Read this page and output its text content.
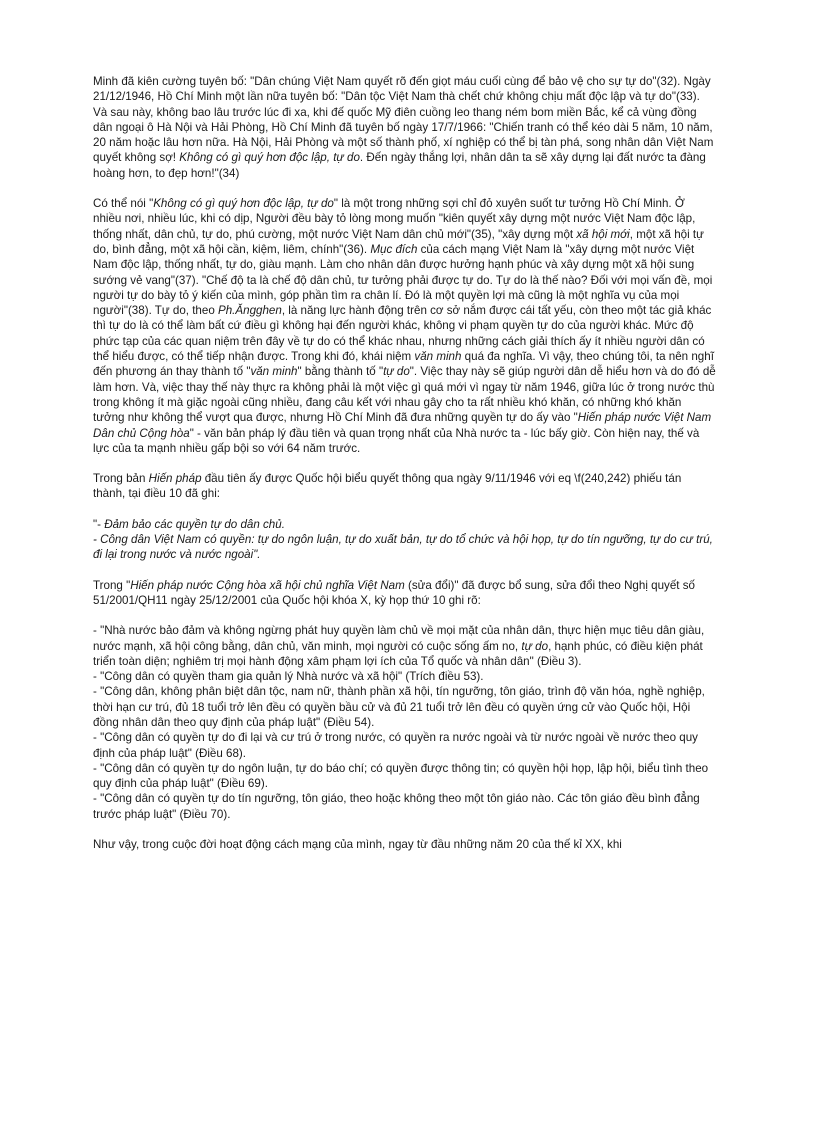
Minh đã kiên cường tuyên bố: "Dân chúng Việt Nam quyết rõ đến giọt máu cuối cùng để bảo vệ cho sự tự do"(32). Ngày 21/12/1946, Hồ Chí Minh một lần nữa tuyên bố: "Dân tộc Việt Nam thà chết chứ không chịu mất độc lập và tự do"(33). Và sau này, không bao lâu trước lúc đi xa, khi đế quốc Mỹ điên cuồng leo thang ném bom miền Bắc, kể cả vùng đồng dân ngoại ô Hà Nội và Hải Phòng, Hồ Chí Minh đã tuyên bố ngày 17/7/1966: "Chiến tranh có thể kéo dài 5 năm, 10 năm, 20 năm hoặc lâu hơn nữa. Hà Nội, Hải Phòng và một số thành phố, xí nghiệp có thể bị tàn phá, song nhân dân Việt Nam quyết không sợ! Không có gì quý hơn độc lập, tự do. Đến ngày thắng lợi, nhân dân ta sẽ xây dựng lại đất nước ta đàng hoàng hơn, to đẹp hơn!"(34)

Có thể nói "Không có gì quý hơn độc lập, tự do" là một trong những sợi chỉ đỏ xuyên suốt tư tưởng Hồ Chí Minh. Ở nhiều nơi, nhiều lúc, khi có dịp, Người đều bày tỏ lòng mong muốn "kiên quyết xây dựng một nước Việt Nam độc lập, thống nhất, dân chủ, tự do, phú cường, một nước Việt Nam dân chủ mới"(35), "xây dựng một xã hội mới, một xã hội tự do, bình đẳng, một xã hội cần, kiệm, liêm, chính"(36). Mục đích của cách mạng Việt Nam là "xây dựng một nước Việt Nam độc lập, thống nhất, tự do, giàu mạnh. Làm cho nhân dân được hưởng hạnh phúc và xây dựng một xã hội sung sướng vẻ vang"(37). "Chế độ ta là chế độ dân chủ, tư tưởng phải được tự do. Tự do là thế nào? Đối với mọi vấn đề, mọi người tự do bày tỏ ý kiến của mình, góp phần tìm ra chân lí. Đó là một quyền lợi mà cũng là một nghĩa vụ của mọi người"(38). Tự do, theo Ph.Ăngghen, là năng lực hành động trên cơ sở nắm được cái tất yếu, còn theo một tác giả khác thì tự do là có thể làm bất cứ điều gì không hại đến người khác, không vi phạm quyền tự do của người khác. Mức độ phức tạp của các quan niệm trên đây về tự do có thể khác nhau, nhưng những cách giải thích ấy ít nhiều người dân có thể hiểu được, có thể tiếp nhận được. Trong khi đó, khái niệm văn minh quá đa nghĩa. Vì vậy, theo chúng tôi, ta nên nghĩ đến phương án thay thành tố "văn minh" bằng thành tố "tự do". Việc thay này sẽ giúp người dân dễ hiểu hơn và do đó dễ làm hơn. Và, việc thay thế này thực ra không phải là một việc gì quá mới vì ngay từ năm 1946, giữa lúc ở trong nước thù trong không ít mà giặc ngoài cũng nhiều, đang câu kết với nhau gây cho ta rất nhiều khó khăn, có những khó khăn tưởng như không thể vượt qua được, nhưng Hồ Chí Minh đã đưa những quyền tự do ấy vào "Hiến pháp nước Việt Nam Dân chủ Cộng hòa" - văn bản pháp lý đầu tiên và quan trọng nhất của Nhà nước ta - lúc bấy giờ. Còn hiện nay, thế và lực của ta mạnh nhiều gấp bội so với 64 năm trước.

Trong bản Hiến pháp đầu tiên ấy được Quốc hội biểu quyết thông qua ngày 9/11/1946 với eq \f(240,242) phiếu tán thành, tại điều 10 đã ghi:

"- Đảm bảo các quyền tự do dân chủ.

- Công dân Việt Nam có quyền: tự do ngôn luận, tự do xuất bản, tự do tổ chức và hội họp, tự do tín ngưỡng, tự do cư trú, đi lại trong nước và nước ngoài".

Trong "Hiến pháp nước Cộng hòa xã hội chủ nghĩa Việt Nam (sửa đổi)" đã được bổ sung, sửa đổi theo Nghị quyết số 51/2001/QH11 ngày 25/12/2001 của Quốc hội khóa X, kỳ họp thứ 10 ghi rõ:

- "Nhà nước bảo đảm và không ngừng phát huy quyền làm chủ về mọi mặt của nhân dân, thực hiện mục tiêu dân giàu, nước mạnh, xã hội công bằng, dân chủ, văn minh, mọi người có cuộc sống ấm no, tự do, hạnh phúc, có điều kiện phát triển toàn diện; nghiêm trị mọi hành động xâm phạm lợi ích của Tổ quốc và nhân dân" (Điều 3).

- "Công dân có quyền tham gia quản lý Nhà nước và xã hội" (Trích điều 53).

- "Công dân, không phân biệt dân tộc, nam nữ, thành phần xã hội, tín ngưỡng, tôn giáo, trình độ văn hóa, nghề nghiệp, thời hạn cư trú, đủ 18 tuổi trở lên đều có quyền bầu cử và đủ 21 tuổi trở lên đều có quyền ứng cử vào Quốc hội, Hội đồng nhân dân theo quy định của pháp luật" (Điều 54).

- "Công dân có quyền tự do đi lại và cư trú ở trong nước, có quyền ra nước ngoài và từ nước ngoài về nước theo quy định của pháp luật" (Điều 68).

- "Công dân có quyền tự do ngôn luận, tự do báo chí; có quyền được thông tin; có quyền hội họp, lập hội, biểu tình theo quy định của pháp luật" (Điều 69).

- "Công dân có quyền tự do tín ngưỡng, tôn giáo, theo hoặc không theo một tôn giáo nào. Các tôn giáo đều bình đẳng trước pháp luật" (Điều 70).

Như vậy, trong cuộc đời hoạt động cách mạng của mình, ngay từ đầu những năm 20 của thế kỉ XX, khi
